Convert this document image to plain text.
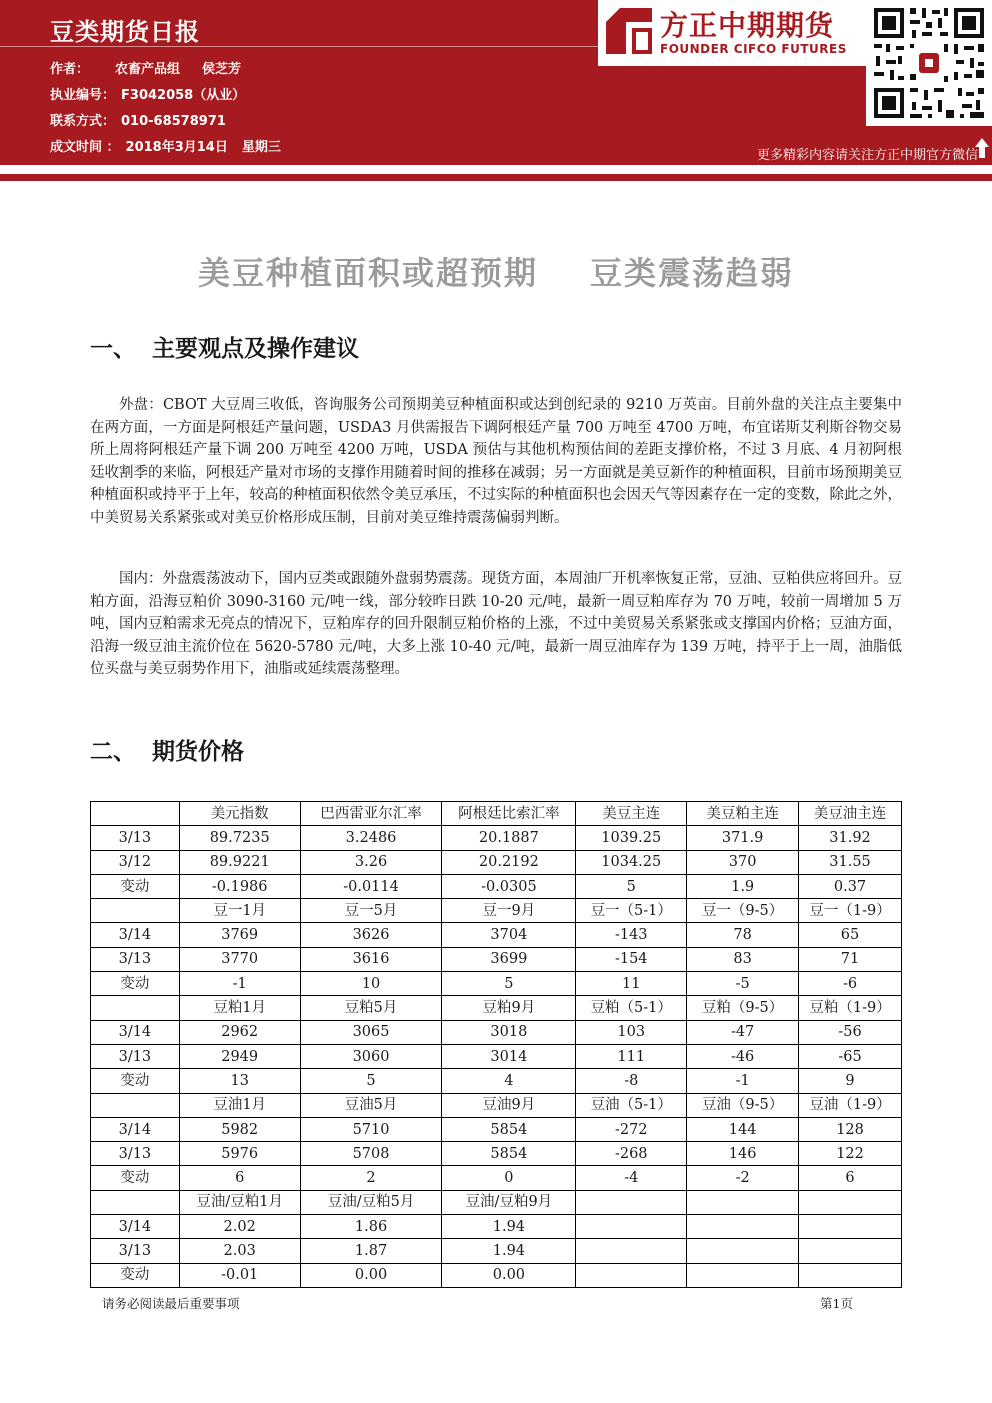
豆类期货日报
作者： 农畜产品组 侯芝芳
执业编号： F3042058（从业）
联系方式： 010-68578971
成文时间 ： 2018年3月14日 星期三
方正中期期货
FOUNDER CIFCO FUTURES
更多精彩内容请关注方正中期官方微信
美豆种植面积或超预期 豆类震荡趋弱
一、 主要观点及操作建议

外盘：CBOT 大豆周三收低，咨询服务公司预期美豆种植面积或达到创纪录的 9210 万英亩。目前外盘的关注点主要集中在两方面，一方面是阿根廷产量问题，USDA3 月供需报告下调阿根廷产量 700 万吨至 4700 万吨，布宜诺斯艾利斯谷物交易所上周将阿根廷产量下调 200 万吨至 4200 万吨，USDA 预估与其他机构预估间的差距支撑价格，不过 3 月底、4 月初阿根廷收割季的来临，阿根廷产量对市场的支撑作用随着时间的推移在减弱；另一方面就是美豆新作的种植面积，目前市场预期美豆种植面积或持平于上年，较高的种植面积依然令美豆承压，不过实际的种植面积也会因天气等因素存在一定的变数，除此之外，中美贸易关系紧张或对美豆价格形成压制，目前对美豆维持震荡偏弱判断。

国内：外盘震荡波动下，国内豆类或跟随外盘弱势震荡。现货方面，本周油厂开机率恢复正常，豆油、豆粕供应将回升。豆粕方面，沿海豆粕价 3090-3160 元/吨一线，部分较昨日跌 10-20 元/吨，最新一周豆粕库存为 70 万吨，较前一周增加 5 万吨，国内豆粕需求无亮点的情况下，豆粕库存的回升限制豆粕价格的上涨，不过中美贸易关系紧张或支撑国内价格；豆油方面，沿海一级豆油主流价位在 5620-5780 元/吨，大多上涨 10-40 元/吨，最新一周豆油库存为 139 万吨，持平于上一周，油脂低位买盘与美豆弱势作用下，油脂或延续震荡整理。

二、 期货价格
	美元指数	巴西雷亚尔汇率	阿根廷比索汇率	美豆主连	美豆粕主连	美豆油主连
3/13	89.7235	3.2486	20.1887	1039.25	371.9	31.92
3/12	89.9221	3.26	20.2192	1034.25	370	31.55
变动	-0.1986	-0.0114	-0.0305	5	1.9	0.37
	豆一1月	豆一5月	豆一9月	豆一（5-1）	豆一（9-5）	豆一（1-9）
3/14	3769	3626	3704	-143	78	65
3/13	3770	3616	3699	-154	83	71
变动	-1	10	5	11	-5	-6
	豆粕1月	豆粕5月	豆粕9月	豆粕（5-1）	豆粕（9-5）	豆粕（1-9）
3/14	2962	3065	3018	103	-47	-56
3/13	2949	3060	3014	111	-46	-65
变动	13	5	4	-8	-1	9
	豆油1月	豆油5月	豆油9月	豆油（5-1）	豆油（9-5）	豆油（1-9）
3/14	5982	5710	5854	-272	144	128
3/13	5976	5708	5854	-268	146	122
变动	6	2	0	-4	-2	6
	豆油/豆粕1月	豆油/豆粕5月	豆油/豆粕9月			
3/14	2.02	1.86	1.94			
3/13	2.03	1.87	1.94			
变动	-0.01	0.00	0.00			
请务必阅读最后重要事项	第1页
